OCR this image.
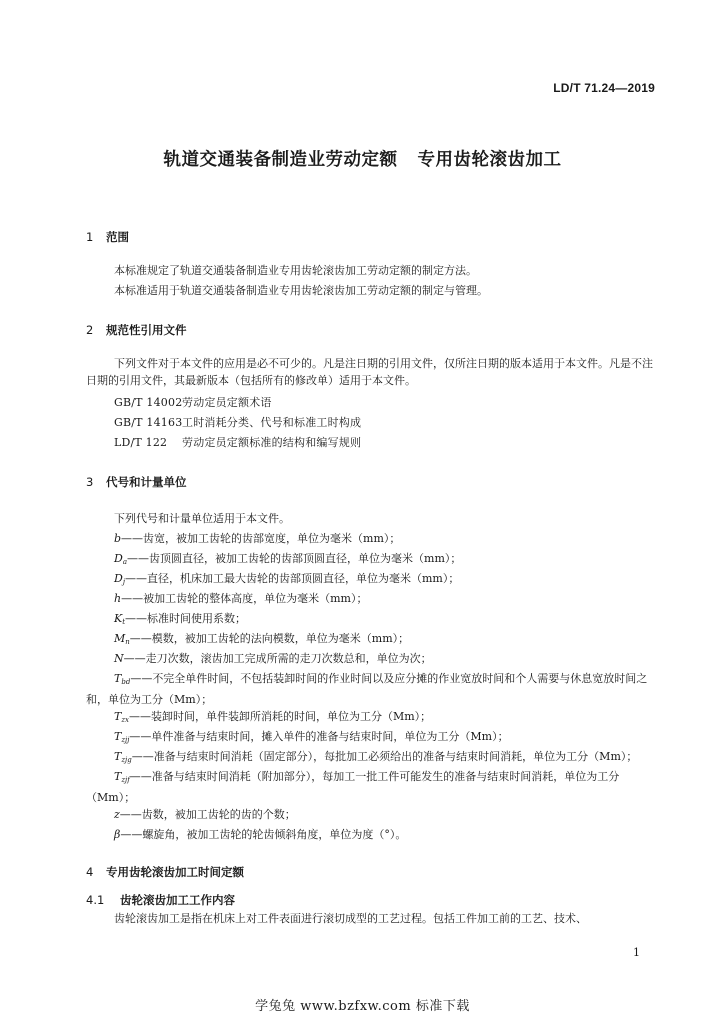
LD/T 71.24—2019
轨道交通装备制造业劳动定额 专用齿轮滚齿加工
1 范围
本标准规定了轨道交通装备制造业专用齿轮滚齿加工劳动定额的制定方法。
本标准适用于轨道交通装备制造业专用齿轮滚齿加工劳动定额的制定与管理。
2 规范性引用文件
下列文件对于本文件的应用是必不可少的。凡是注日期的引用文件，仅所注日期的版本适用于本文件。凡是不注日期的引用文件，其最新版本（包括所有的修改单）适用于本文件。
GB/T 14002劳动定员定额术语
GB/T 14163工时消耗分类、代号和标准工时构成
LD/T 122 劳动定员定额标准的结构和编写规则
3 代号和计量单位
下列代号和计量单位适用于本文件。
b——齿宽，被加工齿轮的齿部宽度，单位为毫米（mm）；
$D_a——$齿顶圆直径，被加工齿轮的齿部顶圆直径，单位为毫米（mm）；
$D_j——$直径，机床加工最大齿轮的齿部顶圆直径，单位为毫米（mm）；
h——被加工齿轮的整体高度，单位为毫米（mm）；
$K_t——$标准时间使用系数；
$M_n——$模数，被加工齿轮的法向模数，单位为毫米（mm）；
N——走刀次数，滚齿加工完成所需的走刀次数总和，单位为次；
$T_{bd}——$不完全单件时间，不包括装卸时间的作业时间以及应分摊的作业宽放时间和个人需要与休息宽放时间之和，单位为工分（Mm）；
$T_{zx}——$装卸时间，单件装卸所消耗的时间，单位为工分（Mm）；
$T_{zjj}——$单件准备与结束时间，摊入单件的准备与结束时间，单位为工分（Mm）；
$T_{zjg}——$准备与结束时间消耗（固定部分），每批加工必须给出的准备与结束时间消耗，单位为工分（Mm）；
$T_{zjf}——$准备与结束时间消耗（附加部分），每加工一批工件可能发生的准备与结束时间消耗，单位为工分（Mm）；
z——齿数，被加工齿轮的齿的个数；
β——螺旋角，被加工齿轮的轮齿倾斜角度，单位为度（°）。
4 专用齿轮滚齿加工时间定额
4.1 齿轮滚齿加工工作内容
齿轮滚齿加工是指在机床上对工件表面进行滚切成型的工艺过程。包括工件加工前的工艺、技术、
1
学兔兔 www.bzfxw.com 标准下载
